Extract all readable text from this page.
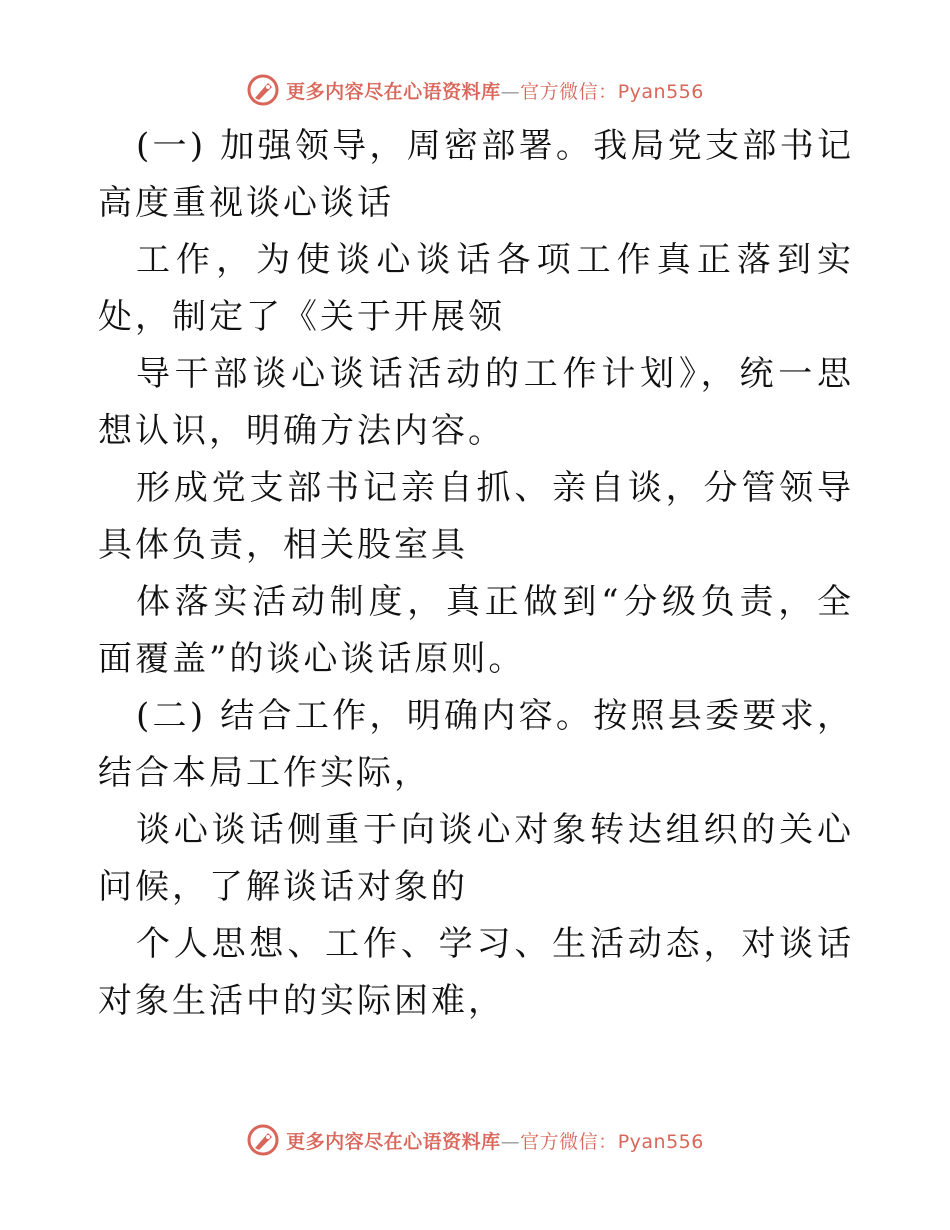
更多内容尽在心语资料库—官方微信：Pyan556

(一) 加强领导，周密部署。我局党支部书记高度重视谈心谈话

工作，为使谈心谈话各项工作真正落到实处，制定了《关于开展领

导干部谈心谈话活动的工作计划》，统一思想认识，明确方法内容。

形成党支部书记亲自抓、亲自谈，分管领导具体负责，相关股室具

体落实活动制度，真正做到“分级负责，全面覆盖”的谈心谈话原则。

(二) 结合工作，明确内容。按照县委要求，结合本局工作实际，

谈心谈话侧重于向谈心对象转达组织的关心问候，了解谈话对象的

个人思想、工作、学习、生活动态，对谈话对象生活中的实际困难，

更多内容尽在心语资料库—官方微信：Pyan556
